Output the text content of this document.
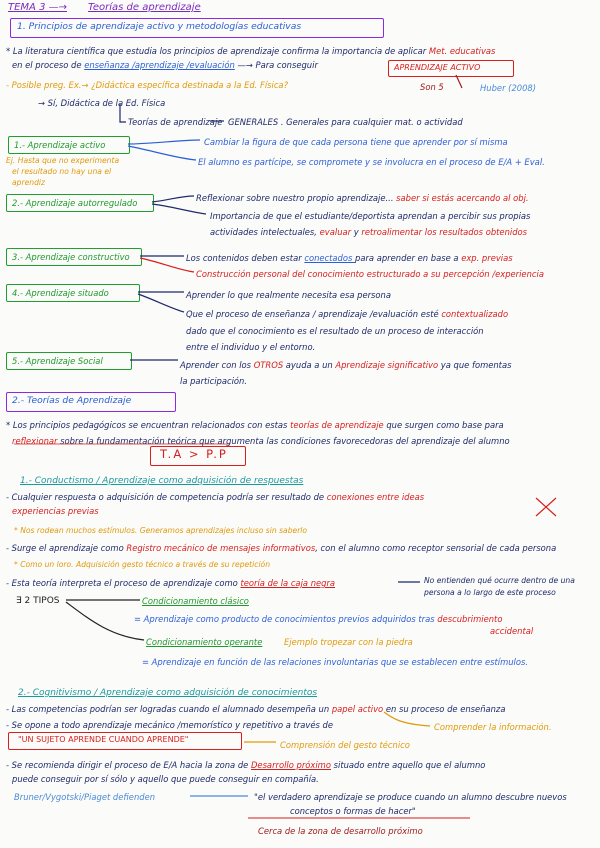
TEMA 3 —→ Teorías de aprendizaje
1. Principios de aprendizaje activo y metodologías educativas
* La literatura científica que estudia los principios de aprendizaje confirma la importancia de aplicar Met. educativas
en el proceso de enseñanza /aprendizaje /evaluación —→ Para conseguir	APRENDIZAJE ACTIVO
- Posible preg. Ex.→ ¿Didáctica específica destinada a la Ed. Física?	Son 5	Huber (2008)
→ Sí, Didáctica de la Ed. Física
Teorías de aprendizaje GENERALES . Generales para cualquier mat. o actividad
1.- Aprendizaje activo	Cambiar la figura de que cada persona tiene que aprender por sí misma
El alumno es partícipe, se compromete y se involucra en el proceso de E/A + Eval.
Ej. Hasta que no experimenta
el resultado no hay una el
aprendiz
2.- Aprendizaje autorregulado	Reflexionar sobre nuestro propio aprendizaje... saber si estás acercando al obj.
Importancia de que el estudiante/deportista aprendan a percibir sus propias
actividades intelectuales, evaluar y retroalimentar los resultados obtenidos
3.- Aprendizaje constructivo	Los contenidos deben estar conectados para aprender en base a exp. previas
Construcción personal del conocimiento estructurado a su percepción /experiencia
4.- Aprendizaje situado	Aprender lo que realmente necesita esa persona
Que el proceso de enseñanza / aprendizaje /evaluación esté contextualizado
dado que el conocimiento es el resultado de un proceso de interacción
entre el individuo y el entorno.
5.- Aprendizaje Social	Aprender con los OTROS ayuda a un Aprendizaje significativo ya que fomentas
la participación.
2.- Teorías de Aprendizaje
* Los principios pedagógicos se encuentran relacionados con estas teorías de aprendizaje que surgen como base para
reflexionar sobre la fundamentación teórica que argumenta las condiciones favorecedoras del aprendizaje del alumno
T.A > P.P
1.- Conductismo / Aprendizaje como adquisición de respuestas
- Cualquier respuesta o adquisición de competencia podría ser resultado de conexiones entre ideas
experiencias previas
* Nos rodean muchos estímulos. Generamos aprendizajes incluso sin saberlo
- Surge el aprendizaje como Registro mecánico de mensajes informativos, con el alumno como receptor sensorial de cada persona
* Como un loro. Adquisición gesto técnico a través de su repetición
- Esta teoría interpreta el proceso de aprendizaje como teoría de la caja negra	No entienden qué ocurre dentro de una
persona a lo largo de este proceso
∃ 2 TIPOS	Condicionamiento clásico
= Aprendizaje como producto de conocimientos previos adquiridos tras descubrimiento
accidental
Condicionamiento operante	Ejemplo tropezar con la piedra
= Aprendizaje en función de las relaciones involuntarias que se establecen entre estímulos.
2.- Cognitivismo / Aprendizaje como adquisición de conocimientos
- Las competencias podrían ser logradas cuando el alumnado desempeña un papel activo en su proceso de enseñanza
- Se opone a todo aprendizaje mecánico /memorístico y repetitivo a través de	Comprender la información.
"UN SUJETO APRENDE CUANDO APRENDE"
Comprensión del gesto técnico
- Se recomienda dirigir el proceso de E/A hacia la zona de Desarrollo próximo situado entre aquello que el alumno
puede conseguir por sí sólo y aquello que puede conseguir en compañía.
Bruner/Vygotski/Piaget defienden	"el verdadero aprendizaje se produce cuando un alumno descubre nuevos
conceptos o formas de hacer"
Cerca de la zona de desarrollo próximo
